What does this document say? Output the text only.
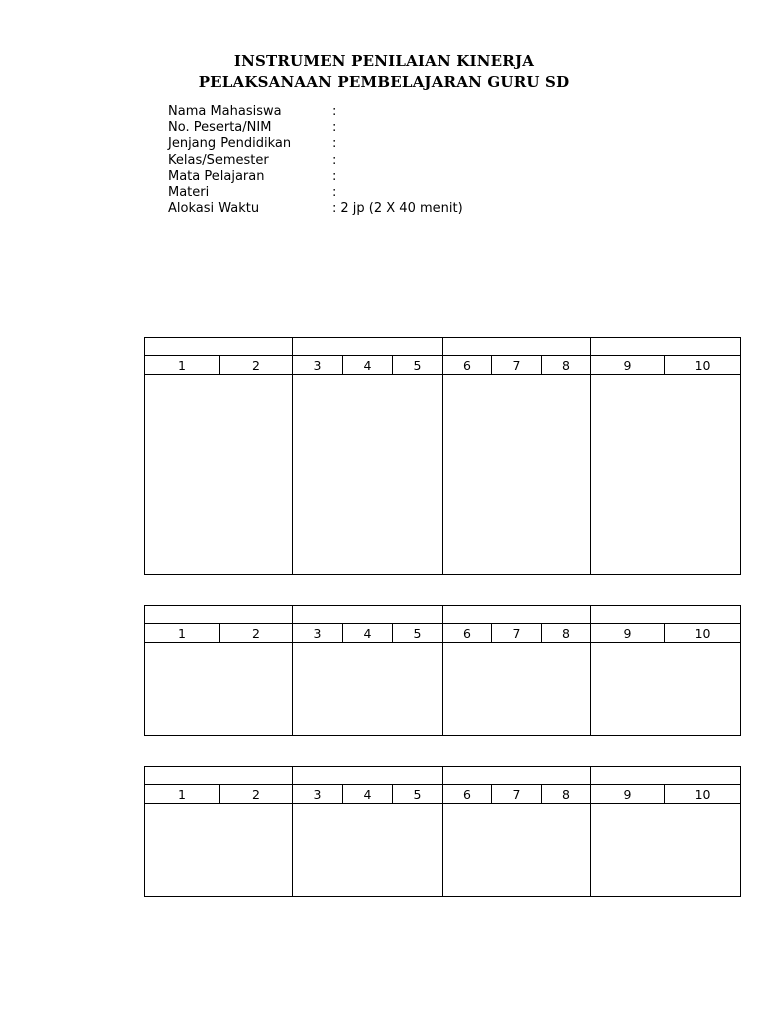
INSTRUMEN PENILAIAN KINERJA
PELAKSANAAN PEMBELAJARAN GURU SD
Nama Mahasiswa	:
No. Peserta/NIM	:
Jenjang Pendidikan	:
Kelas/Semester	:
Mata Pelajaran	:
Materi	:
Alokasi Waktu	: 2 jp (2 X 40 menit)

1	2	3	4	5	6	7	8	9	10

1	2	3	4	5	6	7	8	9	10

1	2	3	4	5	6	7	8	9	10
